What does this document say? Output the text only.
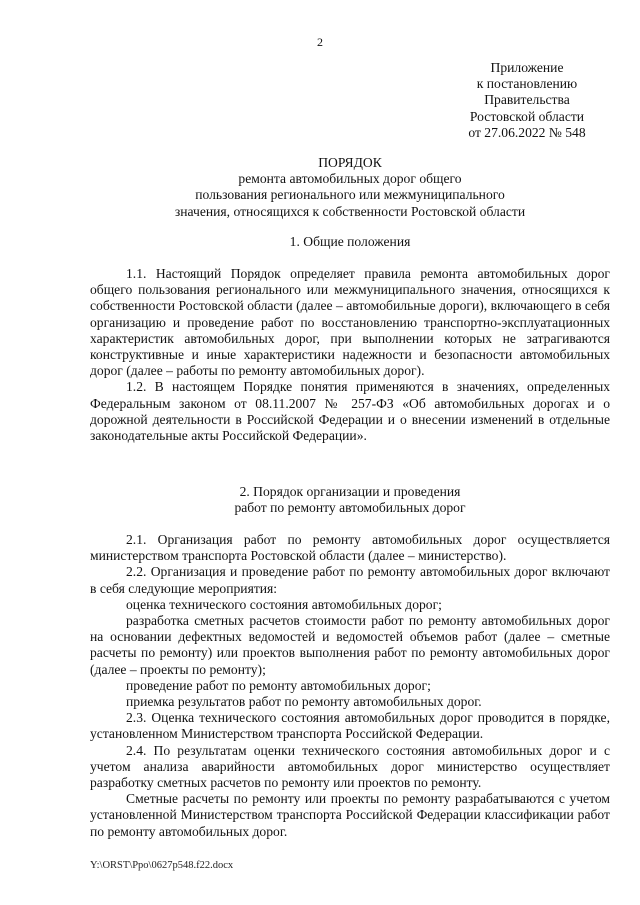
2
Приложение
к постановлению
Правительства
Ростовской области
от 27.06.2022 № 548
ПОРЯДОК
ремонта автомобильных дорог общего
пользования регионального или межмуниципального
значения, относящихся к собственности Ростовской области
1. Общие положения

1.1. Настоящий Порядок определяет правила ремонта автомобильных дорог общего пользования регионального или межмуниципального значения, относящихся к собственности Ростовской области (далее – автомобильные дороги), включающего в себя организацию и проведение работ по восстановлению транспортно-эксплуатационных характеристик автомобильных дорог, при выполнении которых не затрагиваются конструктивные и иные характеристики надежности и безопасности автомобильных дорог (далее – работы по ремонту автомобильных дорог).

1.2. В настоящем Порядке понятия применяются в значениях, определенных Федеральным законом от 08.11.2007 № 257-ФЗ «Об автомобильных дорогах и о дорожной деятельности в Российской Федерации и о внесении изменений в отдельные законодательные акты Российской Федерации».

2. Порядок организации и проведения
работ по ремонту автомобильных дорог

2.1. Организация работ по ремонту автомобильных дорог осуществляется министерством транспорта Ростовской области (далее – министерство).

2.2. Организация и проведение работ по ремонту автомобильных дорог включают в себя следующие мероприятия:

оценка технического состояния автомобильных дорог;

разработка сметных расчетов стоимости работ по ремонту автомобильных дорог на основании дефектных ведомостей и ведомостей объемов работ (далее – сметные расчеты по ремонту) или проектов выполнения работ по ремонту автомобильных дорог (далее – проекты по ремонту);

проведение работ по ремонту автомобильных дорог;

приемка результатов работ по ремонту автомобильных дорог.

2.3. Оценка технического состояния автомобильных дорог проводится в порядке, установленном Министерством транспорта Российской Федерации.

2.4. По результатам оценки технического состояния автомобильных дорог и с учетом анализа аварийности автомобильных дорог министерство осуществляет разработку сметных расчетов по ремонту или проектов по ремонту.

Сметные расчеты по ремонту или проекты по ремонту разрабатываются с учетом установленной Министерством транспорта Российской Федерации классификации работ по ремонту автомобильных дорог.

Y:\ORST\Ppo\0627p548.f22.docx
